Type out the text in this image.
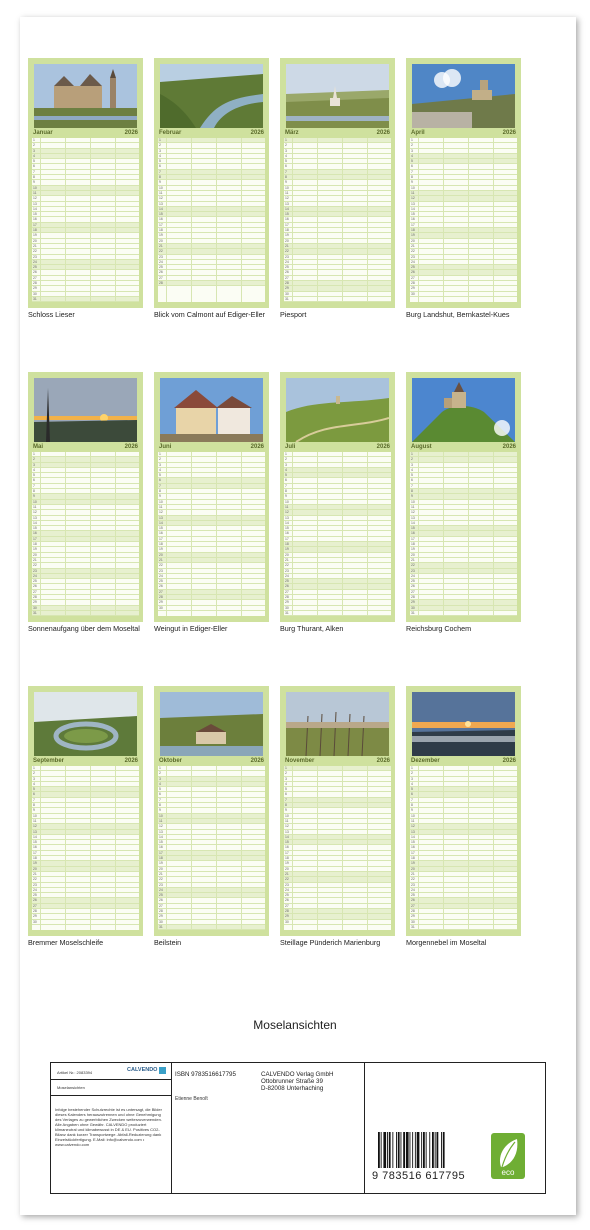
Januar	2026
1
2
3
4
5
6
7
8
9
10
11
12
13
14
15
16
17
18
19
20
21
22
23
24
25
26
27
28
29
30
31
Schloss Lieser
Februar	2026
1
2
3
4
5
6
7
8
9
10
11
12
13
14
15
16
17
18
19
20
21
22
23
24
25
26
27
28
Blick vom Calmont auf Ediger-Eller
März	2026
1
2
3
4
5
6
7
8
9
10
11
12
13
14
15
16
17
18
19
20
21
22
23
24
25
26
27
28
29
30
31
Piesport
April	2026
1
2
3
4
5
6
7
8
9
10
11
12
13
14
15
16
17
18
19
20
21
22
23
24
25
26
27
28
29
30
Burg Landshut, Bernkastel-Kues
Mai	2026
1
2
3
4
5
6
7
8
9
10
11
12
13
14
15
16
17
18
19
20
21
22
23
24
25
26
27
28
29
30
31
Sonnenaufgang über dem Moseltal
Juni	2026
1
2
3
4
5
6
7
8
9
10
11
12
13
14
15
16
17
18
19
20
21
22
23
24
25
26
27
28
29
30
Weingut in Ediger-Eller
Juli	2026
1
2
3
4
5
6
7
8
9
10
11
12
13
14
15
16
17
18
19
20
21
22
23
24
25
26
27
28
29
30
31
Burg Thurant, Alken
August	2026
1
2
3
4
5
6
7
8
9
10
11
12
13
14
15
16
17
18
19
20
21
22
23
24
25
26
27
28
29
30
31
Reichsburg Cochem
September	2026
1
2
3
4
5
6
7
8
9
10
11
12
13
14
15
16
17
18
19
20
21
22
23
24
25
26
27
28
29
30
Bremmer Moselschleife
Oktober	2026
1
2
3
4
5
6
7
8
9
10
11
12
13
14
15
16
17
18
19
20
21
22
23
24
25
26
27
28
29
30
31
Beilstein
November	2026
1
2
3
4
5
6
7
8
9
10
11
12
13
14
15
16
17
18
19
20
21
22
23
24
25
26
27
28
29
30
Steillage Pünderich Marienburg
Dezember	2026
1
2
3
4
5
6
7
8
9
10
11
12
13
14
15
16
17
18
19
20
21
22
23
24
25
26
27
28
29
30
31
Morgennebel im Moseltal
Moselansichten
Artikel Nr.: 2083394	CALVENDO
Moselansichten
Infolge bestehender Schutzrechte ist es untersagt, die Bilder dieses Kalenders herauszutrennen und ohne Genehmigung des Verlages zu gewerblichen Zwecken weiterzuverwenden. Alle Angaben ohne Gewähr. CALVENDO produziert klimaneutral und klimabewusst in DE & EU. Positives CO2-Bilanz dank kurzer Transportwege. Abfall-Reduzierung dank Einzelstückfertigung. E-Mail: info@calvendo.com • www.calvendo.com
ISBN 9783516617795
Etienne Benoît
CALVENDO Verlag GmbH
Ottobrunner Straße 39
D-82008 Unterhaching
9 783516 617795	eco
